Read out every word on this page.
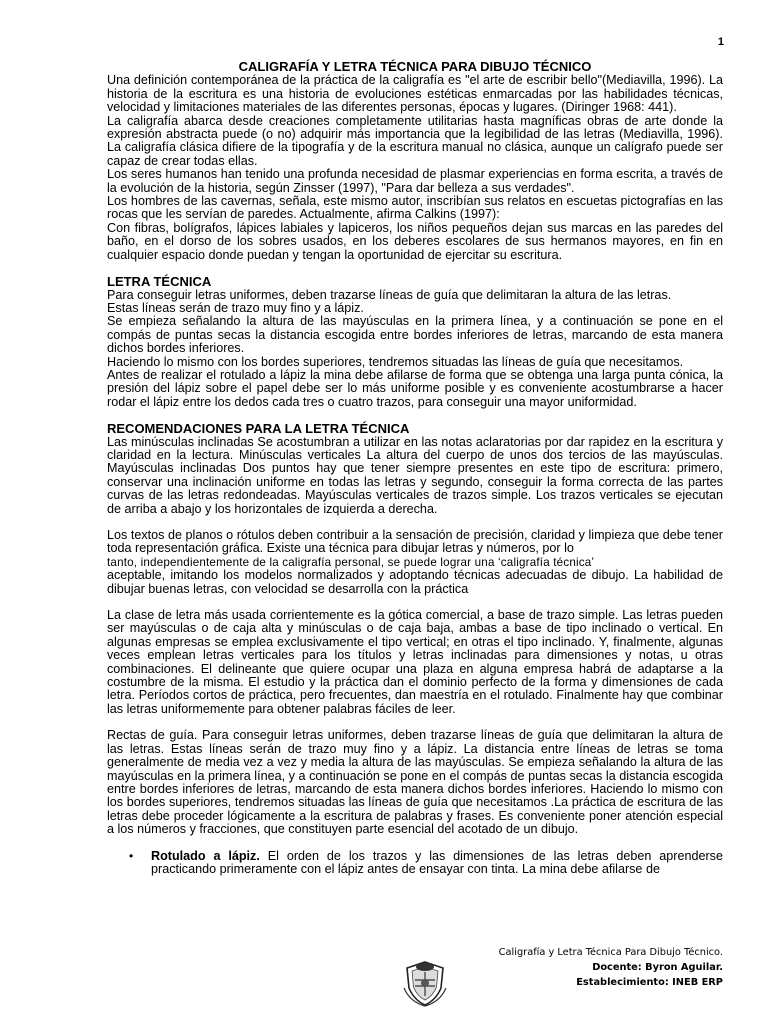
1
CALIGRAFÍA Y LETRA TÉCNICA PARA DIBUJO TÉCNICO

Una definición contemporánea de la práctica de la caligrafía es "el arte de escribir bello"(Mediavilla, 1996). La historia de la escritura es una historia de evoluciones estéticas enmarcadas por las habilidades técnicas, velocidad y limitaciones materiales de las diferentes personas, épocas y lugares. (Diringer 1968: 441).

La caligrafía abarca desde creaciones completamente utilitarias hasta magníficas obras de arte donde la expresión abstracta puede (o no) adquirir más importancia que la legibilidad de las letras (Mediavilla, 1996). La caligrafía clásica difiere de la tipografía y de la escritura manual no clásica, aunque un calígrafo puede ser capaz de crear todas ellas.

Los seres humanos han tenido una profunda necesidad de plasmar experiencias en forma escrita, a través de la evolución de la historia, según Zinsser (1997), "Para dar belleza a sus verdades".

Los hombres de las cavernas, señala, este mismo autor, inscribían sus relatos en escuetas pictografías en las rocas que les servían de paredes. Actualmente, afirma Calkins (1997):

Con fibras, bolígrafos, lápices labiales y lapiceros, los niños pequeños dejan sus marcas en las paredes del baño, en el dorso de los sobres usados, en los deberes escolares de sus hermanos mayores, en fin en cualquier espacio donde puedan y tengan la oportunidad de ejercitar su escritura.

LETRA TÉCNICA

Para conseguir letras uniformes, deben trazarse líneas de guía que delimitaran la altura de las letras.

Estas líneas serán de trazo muy fino y a lápiz.

Se empieza señalando la altura de las mayúsculas en la primera línea, y a continuación se pone en el compás de puntas secas la distancia escogida entre bordes inferiores de letras, marcando de esta manera dichos bordes inferiores.

Haciendo lo mismo con los bordes superiores, tendremos situadas las líneas de guía que necesitamos.

Antes de realizar el rotulado a lápiz la mina debe afilarse de forma que se obtenga una larga punta cónica, la presión del lápiz sobre el papel debe ser lo más uniforme posible y es conveniente acostumbrarse a hacer rodar el lápiz entre los dedos cada tres o cuatro trazos, para conseguir una mayor uniformidad.

RECOMENDACIONES PARA LA LETRA TÉCNICA

Las minúsculas inclinadas Se acostumbran a utilizar en las notas aclaratorias por dar rapidez en la escritura y claridad en la lectura. Minúsculas verticales La altura del cuerpo de unos dos tercios de las mayúsculas. Mayúsculas inclinadas Dos puntos hay que tener siempre presentes en este tipo de escritura: primero, conservar una inclinación uniforme en todas las letras y segundo, conseguir la forma correcta de las partes curvas de las letras redondeadas. Mayúsculas verticales de trazos simple. Los trazos verticales se ejecutan de arriba a abajo y los horizontales de izquierda a derecha.

Los textos de planos o rótulos deben contribuir a la sensación de precisión, claridad y limpieza que debe tener toda representación gráfica. Existe una técnica para dibujar letras y números, por lo

tanto, independientemente de la caligrafía personal, se puede lograr una ‘caligrafía técnica’

aceptable, imitando los modelos normalizados y adoptando técnicas adecuadas de dibujo. La habilidad de dibujar buenas letras, con velocidad se desarrolla con la práctica

La clase de letra más usada corrientemente es la gótica comercial, a base de trazo simple. Las letras pueden ser mayúsculas o de caja alta y minúsculas o de caja baja, ambas a base de tipo inclinado o vertical. En algunas empresas se emplea exclusivamente el tipo vertical; en otras el tipo inclinado. Y, finalmente, algunas veces emplean letras verticales para los títulos y letras inclinadas para dimensiones y notas, u otras combinaciones. El delineante que quiere ocupar una plaza en alguna empresa habrá de adaptarse a la costumbre de la misma. El estudio y la práctica dan el dominio perfecto de la forma y dimensiones de cada letra. Períodos cortos de práctica, pero frecuentes, dan maestría en el rotulado. Finalmente hay que combinar las letras uniformemente para obtener palabras fáciles de leer.

Rectas de guía. Para conseguir letras uniformes, deben trazarse líneas de guía que delimitaran la altura de las letras. Estas líneas serán de trazo muy fino y a lápiz. La distancia entre líneas de letras se toma generalmente de media vez a vez y media la altura de las mayúsculas. Se empieza señalando la altura de las mayúsculas en la primera línea, y a continuación se pone en el compás de puntas secas la distancia escogida entre bordes inferiores de letras, marcando de esta manera dichos bordes inferiores. Haciendo lo mismo con los bordes superiores, tendremos situadas las líneas de guía que necesitamos .La práctica de escritura de las letras debe proceder lógicamente a la escritura de palabras y frases. Es conveniente poner atención especial a los números y fracciones, que constituyen parte esencial del acotado de un dibujo.

•	Rotulado a lápiz. El orden de los trazos y las dimensiones de las letras deben aprenderse practicando primeramente con el lápiz antes de ensayar con tinta. La mina debe afilarse de
Caligrafía y Letra Técnica Para Dibujo Técnico.
Docente: Byron Aguilar.
Establecimiento: INEB ERP
